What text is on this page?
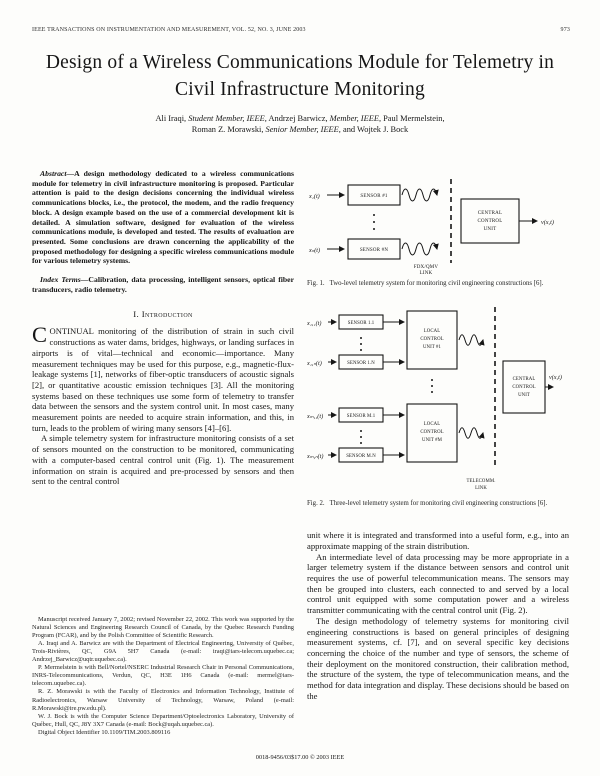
IEEE TRANSACTIONS ON INSTRUMENTATION AND MEASUREMENT, VOL. 52, NO. 3, JUNE 2003	973
Design of a Wireless Communications Module for Telemetry in Civil Infrastructure Monitoring
Ali Iraqi, Student Member, IEEE, Andrzej Barwicz, Member, IEEE, Paul Mermelstein,
Roman Z. Morawski, Senior Member, IEEE, and Wojtek J. Bock

Abstract—A design methodology dedicated to a wireless communications module for telemetry in civil infrastructure monitoring is proposed. Particular attention is paid to the design decisions concerning the individual wireless communications blocks, i.e., the protocol, the modem, and the radio frequency block. A design example based on the use of a commercial development kit is detailed. A simulation software, designed for evaluation of the wireless communications module, is developed and tested. The results of evaluation are presented. Some conclusions are drawn concerning the applicability of the proposed methodology for designing a specific wireless communications module for various telemetry systems.

Index Terms—Calibration, data processing, intelligent sensors, optical fiber transducers, radio telemetry.

I. Introduction

CONTINUAL monitoring of the distribution of strain in such civil constructions as water dams, bridges, highways, or landing surfaces in airports is of vital—technical and economic—importance. Many measurement techniques may be used for this purpose, e.g., magnetic-flux-leakage systems [1], networks of fiber-optic transducers of acoustic signals [2], or quantitative acoustic emission techniques [3]. All the monitoring systems based on these techniques use some form of telemetry to transfer data between the sensors and the system control unit. In most cases, many measurement points are needed to acquire strain information, and this, in turn, leads to the problem of wiring many sensors [4]–[6].

A simple telemetry system for infrastructure monitoring consists of a set of sensors mounted on the construction to be monitored, communicating with a computer-based central control unit (Fig. 1). The measurement information on strain is acquired and pre-processed by sensors and then sent to the central control

Manuscript received January 7, 2002; revised November 22, 2002. This work was supported by the Natural Sciences and Engineering Research Council of Canada, by the Quebec Research Funding Program (FCAR), and by the Polish Committee of Scientific Research.

A. Iraqi and A. Barwicz are with the Department of Electrical Engineering, University of Québec, Trois-Rivières, QC, G9A 5H7 Canada (e-mail: iraqi@iars-telecom.uquebec.ca; Andrzej_Barwicz@uqtr.uquebec.ca).

P. Mermelstein is with Bell/Nortel/NSERC Industrial Research Chair in Personal Communications, INRS-Telecommunications, Verdun, QC, H3E 1H6 Canada (e-mail: mermel@iars-telecom.uquebec.ca).

R. Z. Morawski is with the Faculty of Electronics and Information Technology, Institute of Radioelectronics, Warsaw University of Technology, Warsaw, Poland (e-mail: R.Morawski@ire.pw.edu.pl).

W. J. Bock is with the Computer Science Department/Optoelectronics Laboratory, University of Québec, Hull, QC, J8Y 3X7 Canada (e-mail: Bock@uqah.uquebec.ca).

Digital Object Identifier 10.1109/TIM.2003.809116

x₁(t)	SENSOR #1
xₙ(t)	SENSOR #N
CENTRAL
CONTROL
UNIT
v(x,t)
FDX/QMV
LINK

Fig. 1. Two-level telemetry system for monitoring civil engineering constructions [6].

x₁,₁(t)	SENSOR 1.1
x₁,ₙ(t)	SENSOR 1.N
LOCAL
CONTROL
UNIT #1
xₘ,₁(t)	SENSOR M.1
xₘ,ₙ(t)	SENSOR M.N
LOCAL
CONTROL
UNIT #M
CENTRAL
CONTROL
UNIT
v(x,t)
TELECOMM.
LINK

Fig. 2. Three-level telemetry system for monitoring civil engineering constructions [6].

unit where it is integrated and transformed into a useful form, e.g., into an approximate mapping of the strain distribution.

An intermediate level of data processing may be more appropriate in a larger telemetry system if the distance between sensors and control unit requires the use of powerful telecommunication means. The sensors may then be grouped into clusters, each connected to and served by a local control unit equipped with some computation power and a wireless transmitter communicating with the central control unit (Fig. 2).

The design methodology of telemetry systems for monitoring civil engineering constructions is based on general principles of designing measurement systems, cf. [7], and on several specific key decisions concerning the choice of the number and type of sensors, the scheme of their deployment on the monitored construction, their calibration method, the structure of the system, the type of telecommunication means, and the method for data integration and display. These decisions should be based on the

0018-9456/03$17.00 © 2003 IEEE
